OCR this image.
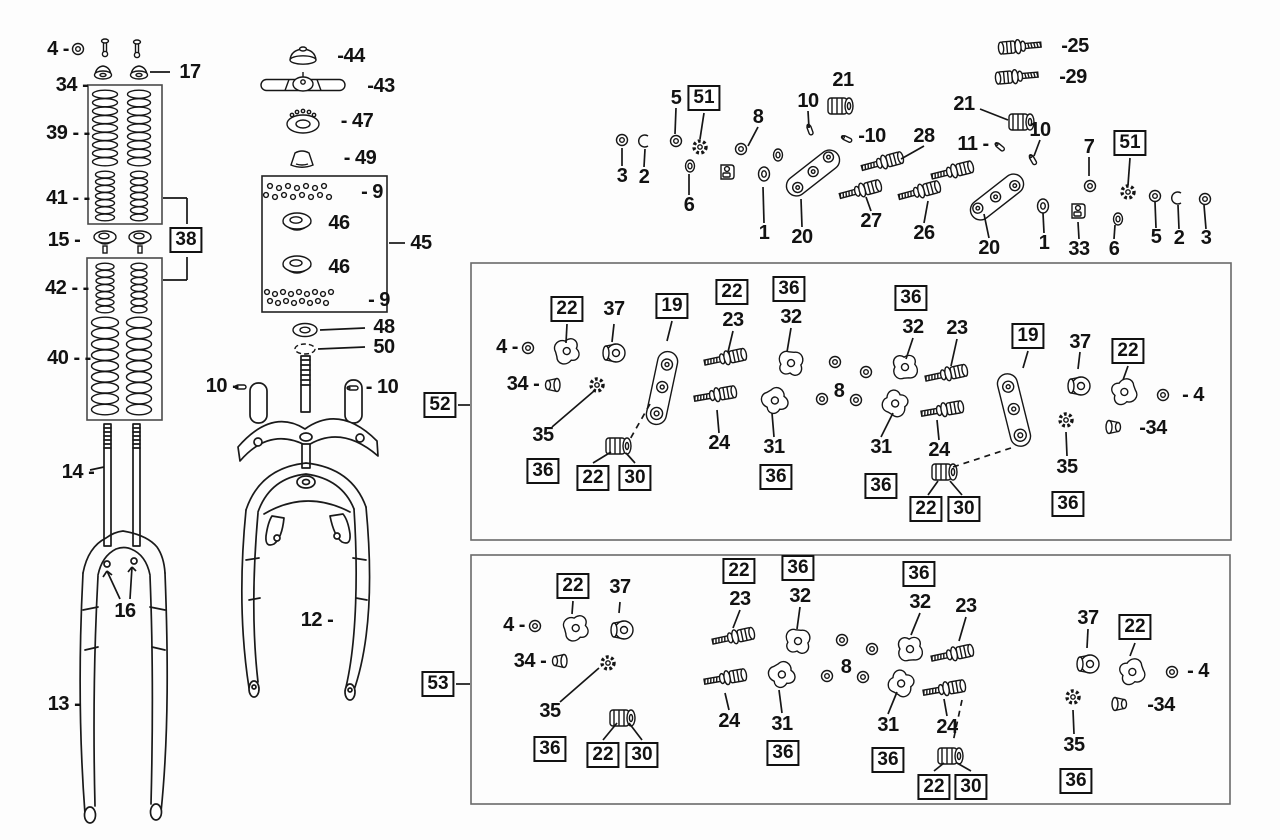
4 -
17
34 -
39 - -
41 - -
15 -	38
42 - -
40 - -
14 -
16
13 -
12 -
-44
-43
- 47
- 49
- 9
46
46
- 9
45
48
50
10 -	- 10
5 51
8
10
21
-10 28
3 2
6
1 20
27
26
-25
-29
21
11 -
10
7	51
20 1 33 6
5 2 3
52
4 -
22	37	19
34 -
35
36	22	30
24
22
23
36
32
31
36
8
36
32 23
31
36
24
22 30
19	37	22
- 4
-34
35
36
53
4 -
22	37
34 -
35
36	22 30
22
23
36
32
24 31
36
8
36
32 23
31
36
24
22 30
37	22
- 4
-34
35
36
